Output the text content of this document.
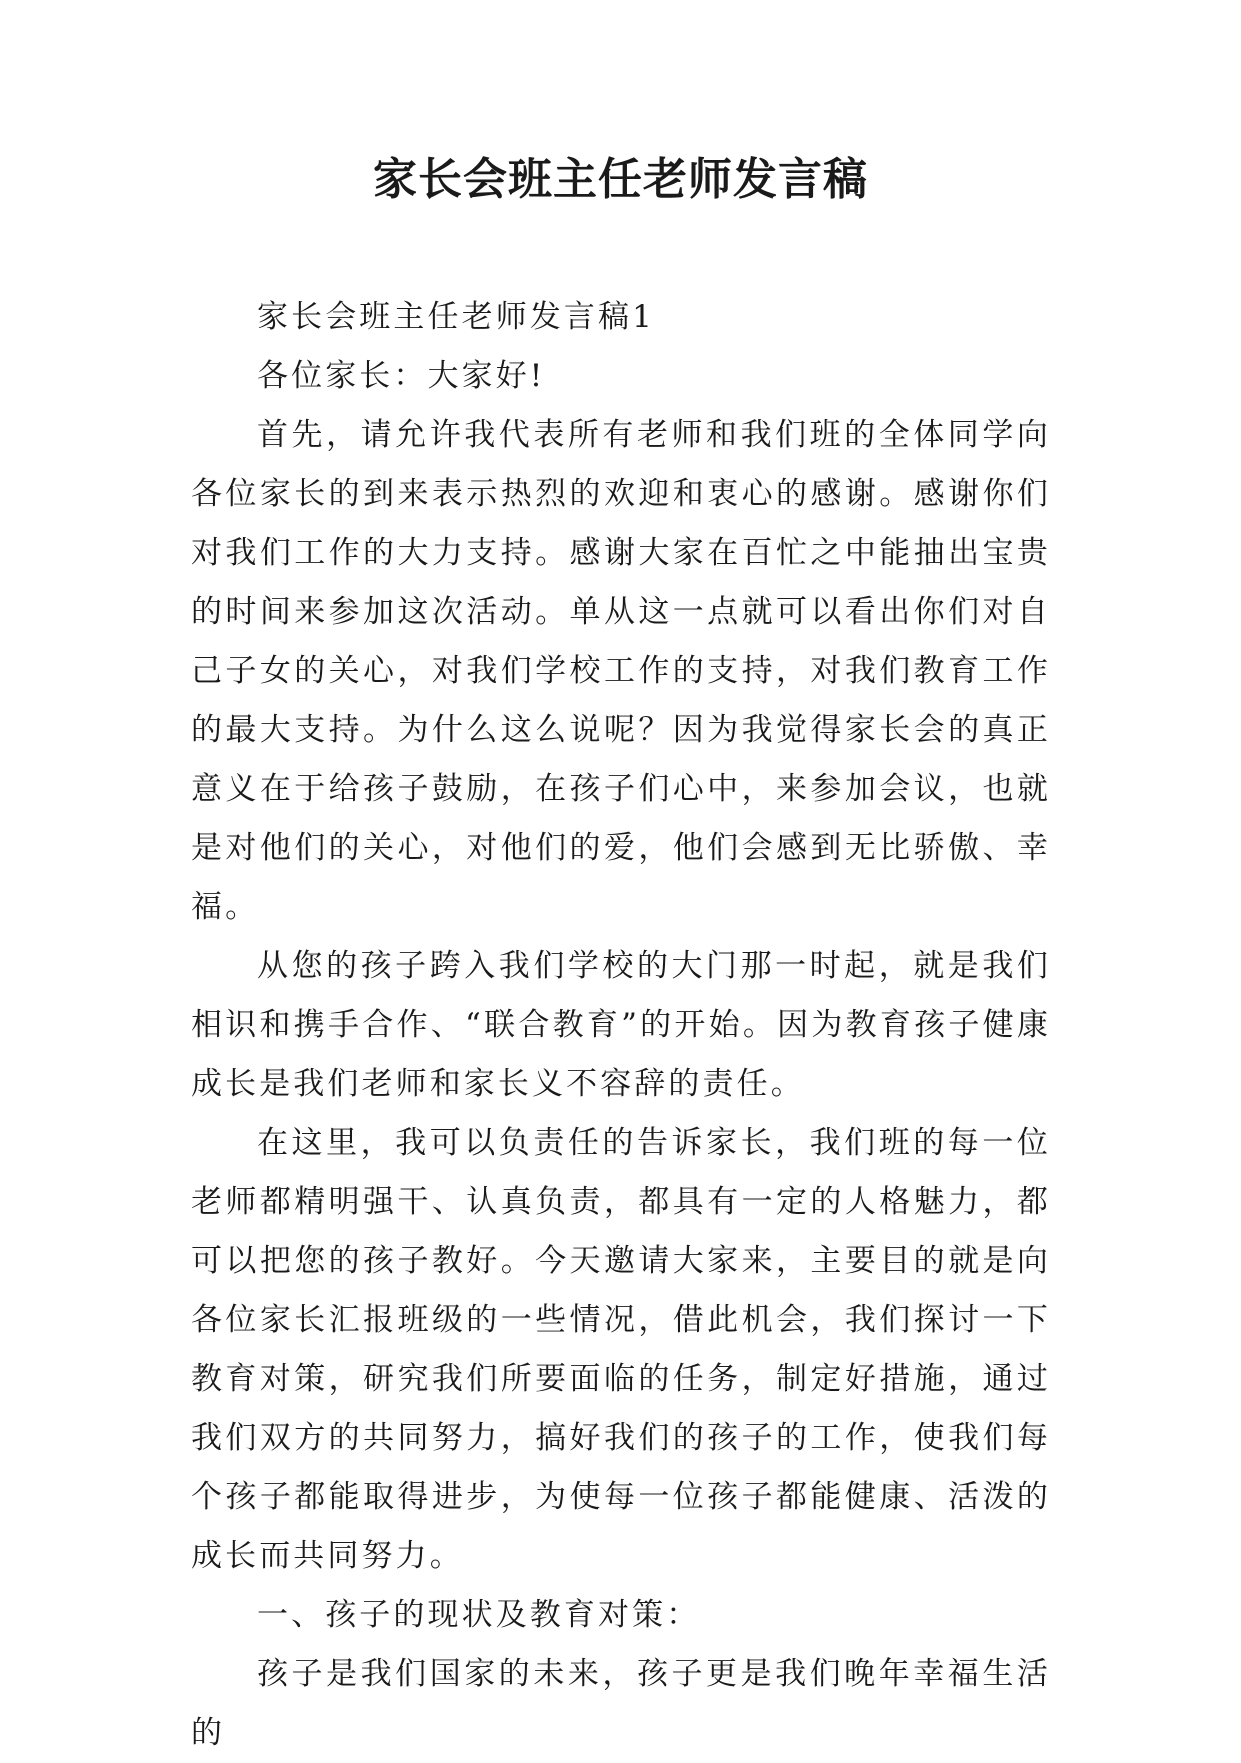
家长会班主任老师发言稿

家长会班主任老师发言稿1

各位家长：大家好!

首先，请允许我代表所有老师和我们班的全体同学向各位家长的到来表示热烈的欢迎和衷心的感谢。感谢你们对我们工作的大力支持。感谢大家在百忙之中能抽出宝贵的时间来参加这次活动。单从这一点就可以看出你们对自己子女的关心，对我们学校工作的支持，对我们教育工作的最大支持。为什么这么说呢？因为我觉得家长会的真正意义在于给孩子鼓励，在孩子们心中，来参加会议，也就是对他们的关心，对他们的爱，他们会感到无比骄傲、幸福。

从您的孩子跨入我们学校的大门那一时起，就是我们相识和携手合作、“联合教育”的开始。因为教育孩子健康成长是我们老师和家长义不容辞的责任。

在这里，我可以负责任的告诉家长，我们班的每一位老师都精明强干、认真负责，都具有一定的人格魅力，都可以把您的孩子教好。今天邀请大家来，主要目的就是向各位家长汇报班级的一些情况，借此机会，我们探讨一下教育对策，研究我们所要面临的任务，制定好措施，通过我们双方的共同努力，搞好我们的孩子的工作，使我们每个孩子都能取得进步，为使每一位孩子都能健康、活泼的成长而共同努力。

一、孩子的现状及教育对策：

孩子是我们国家的未来，孩子更是我们晚年幸福生活的
